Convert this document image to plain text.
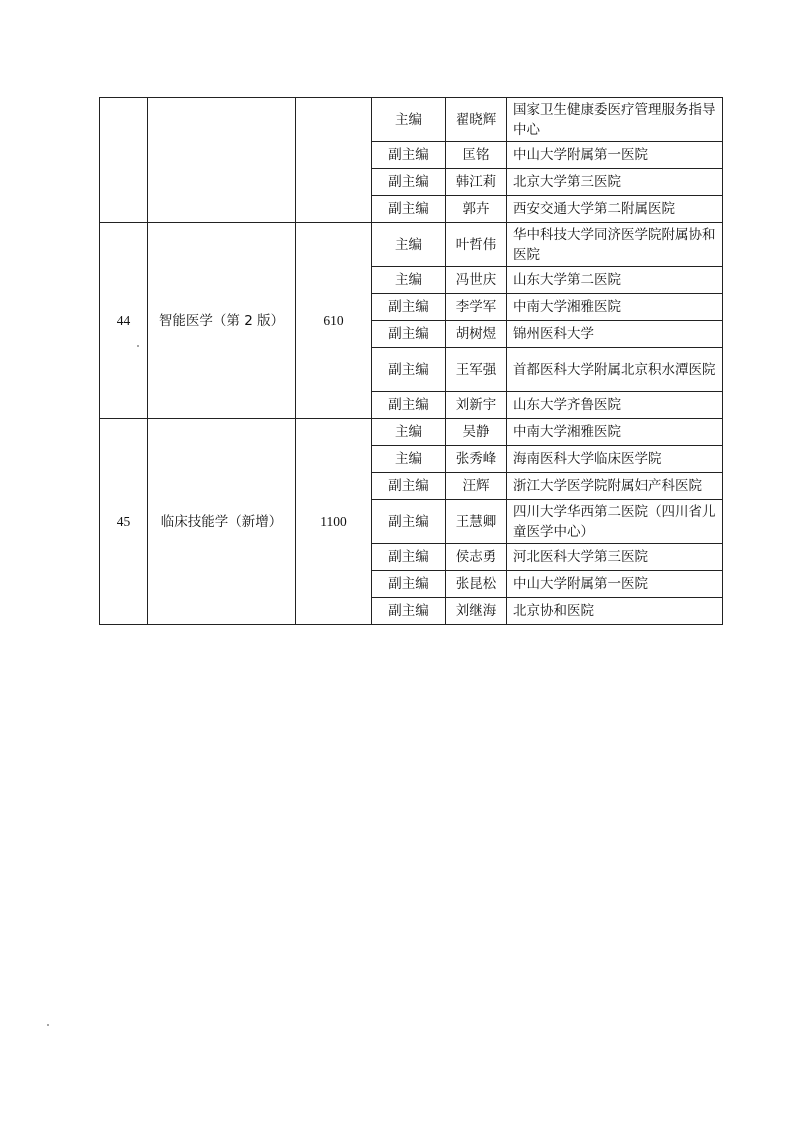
			主编	翟晓辉	国家卫生健康委医疗管理服务指导中心
			副主编	匡铭	中山大学附属第一医院
			副主编	韩江莉	北京大学第三医院
			副主编	郭卉	西安交通大学第二附属医院
44	智能医学（第 2 版）	610	主编	叶哲伟	华中科技大学同济医学院附属协和医院
			主编	冯世庆	山东大学第二医院
			副主编	李学军	中南大学湘雅医院
			副主编	胡树煜	锦州医科大学
			副主编	王军强	首都医科大学附属北京积水潭医院
			副主编	刘新宇	山东大学齐鲁医院
45	临床技能学（新增）	1100	主编	吴静	中南大学湘雅医院
			主编	张秀峰	海南医科大学临床医学院
			副主编	汪辉	浙江大学医学院附属妇产科医院
			副主编	王慧卿	四川大学华西第二医院（四川省儿童医学中心）
			副主编	侯志勇	河北医科大学第三医院
			副主编	张昆松	中山大学附属第一医院
			副主编	刘继海	北京协和医院
